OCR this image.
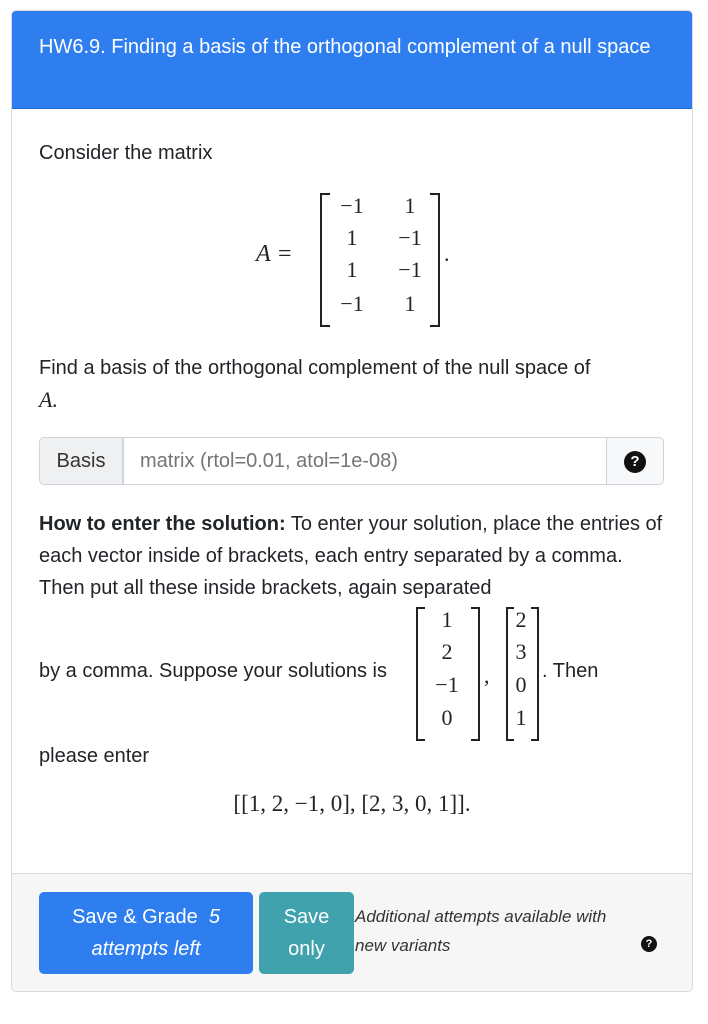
HW6.9. Finding a basis of the orthogonal complement of a null space
Consider the matrix
A =
−1	1
1	−1
1	−1
−1	1
.
Find a basis of the orthogonal complement of the null space of
A.
Basis
matrix (rtol=0.01, atol=1e-08)	?
How to enter the solution: To enter your solution, place the entries of each vector inside of brackets, each entry separated by a comma. Then put all these inside brackets, again separated
by a comma. Suppose your solutions is
1
2
−1
0
,
2
3
0
1
. Then
please enter
[[1, 2, −1, 0], [2, 3, 0, 1]].
Save & Grade 5
attempts left
Save
only
Additional attempts available with new variants	?
